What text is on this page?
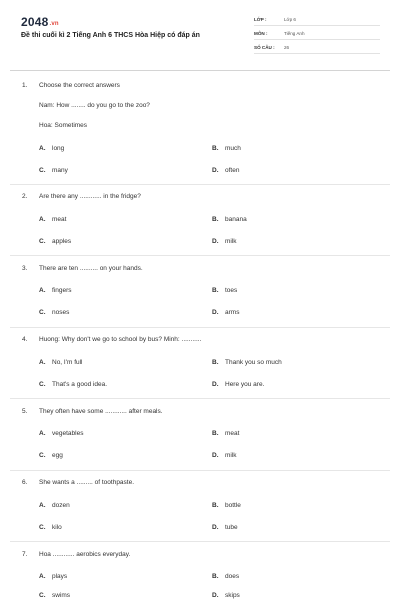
2048.vn
Đề thi cuối kì 2 Tiếng Anh 6 THCS Hòa Hiệp có đáp án
LỚP :	Lớp 6
MÔN :	Tiếng Anh
SỐ CÂU : 26
1. Choose the correct answers
Nam: How ........ do you go to the zoo?
Hoa: Sometimes
A. long	B. much
C. many	D. often
2. Are there any ............ in the fridge?
A. meat	B. banana
C. apples	D. milk
3. There are ten .......... on your hands.
A. fingers	B. toes
C. noses	D. arms
4. Huong: Why don't we go to school by bus? Minh: ...........
A. No, I'm full	B. Thank you so much
C. That's a good idea.	D. Here you are.
5. They often have some ............ after meals.
A. vegetables	B. meat
C. egg	D. milk
6. She wants a ......... of toothpaste.
A. dozen	B. bottle
C. kilo	D. tube
7. Hoa ............ aerobics everyday.
A. plays	B. does
C. swims	D. skips
